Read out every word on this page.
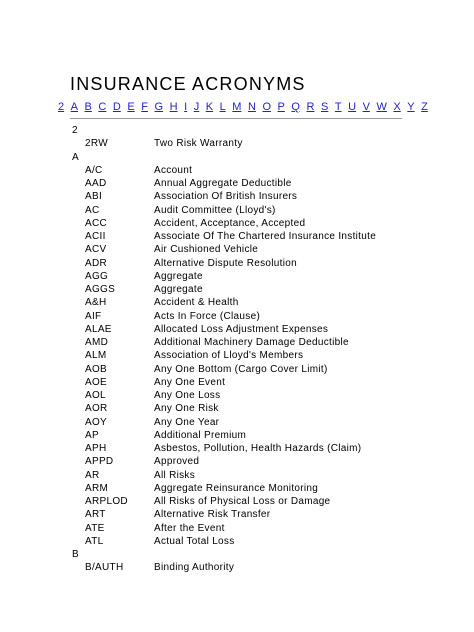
INSURANCE ACRONYMS
2 A B C D E F G H I J K L M N O P Q R S T U V W X Y Z
2
2RW	Two Risk Warranty
A
A/C	Account
AAD	Annual Aggregate Deductible
ABI	Association Of British Insurers
AC	Audit Committee (Lloyd's)
ACC	Accident, Acceptance, Accepted
ACII	Associate Of The Chartered Insurance Institute
ACV	Air Cushioned Vehicle
ADR	Alternative Dispute Resolution
AGG	Aggregate
AGGS	Aggregate
A&H	Accident & Health
AIF	Acts In Force (Clause)
ALAE	Allocated Loss Adjustment Expenses
AMD	Additional Machinery Damage Deductible
ALM	Association of Lloyd's Members
AOB	Any One Bottom (Cargo Cover Limit)
AOE	Any One Event
AOL	Any One Loss
AOR	Any One Risk
AOY	Any One Year
AP	Additional Premium
APH	Asbestos, Pollution, Health Hazards (Claim)
APPD	Approved
AR	All Risks
ARM	Aggregate Reinsurance Monitoring
ARPLOD	All Risks of Physical Loss or Damage
ART	Alternative Risk Transfer
ATE	After the Event
ATL	Actual Total Loss
B
B/AUTH	Binding Authority
